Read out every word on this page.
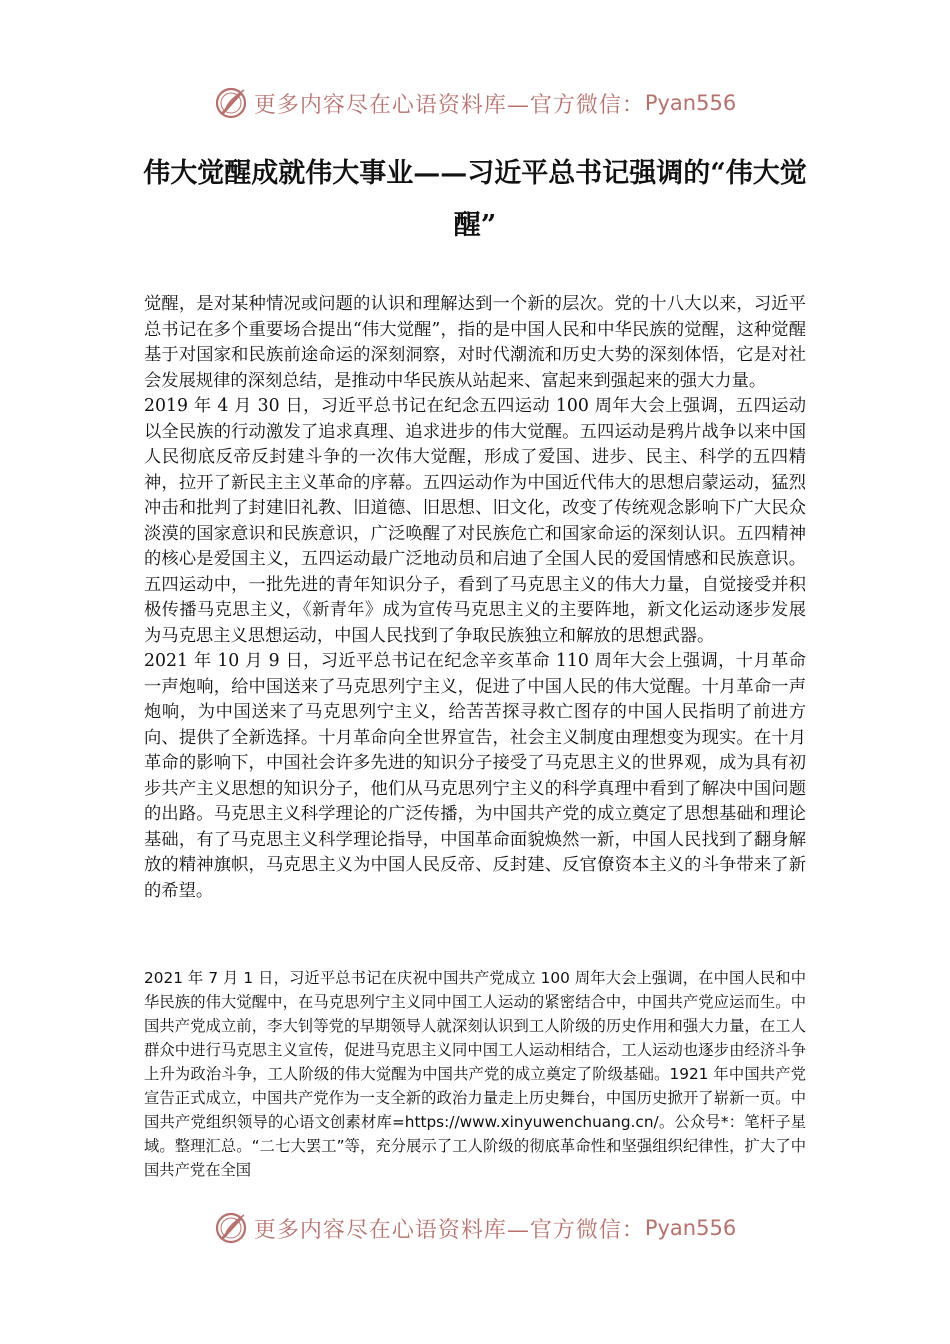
更多内容尽在心语资料库—官方微信： Pyan556
伟大觉醒成就伟大事业——习近平总书记强调的“伟大觉醒”

觉醒，是对某种情况或问题的认识和理解达到一个新的层次。党的十八大以来，习近平总书记在多个重要场合提出“伟大觉醒”，指的是中国人民和中华民族的觉醒，这种觉醒基于对国家和民族前途命运的深刻洞察，对时代潮流和历史大势的深刻体悟，它是对社会发展规律的深刻总结，是推动中华民族从站起来、富起来到强起来的强大力量。

2019 年 4 月 30 日，习近平总书记在纪念五四运动 100 周年大会上强调，五四运动以全民族的行动激发了追求真理、追求进步的伟大觉醒。五四运动是鸦片战争以来中国人民彻底反帝反封建斗争的一次伟大觉醒，形成了爱国、进步、民主、科学的五四精神，拉开了新民主主义革命的序幕。五四运动作为中国近代伟大的思想启蒙运动，猛烈冲击和批判了封建旧礼教、旧道德、旧思想、旧文化，改变了传统观念影响下广大民众淡漠的国家意识和民族意识，广泛唤醒了对民族危亡和国家命运的深刻认识。五四精神的核心是爱国主义，五四运动最广泛地动员和启迪了全国人民的爱国情感和民族意识。五四运动中，一批先进的青年知识分子，看到了马克思主义的伟大力量，自觉接受并积极传播马克思主义，《新青年》成为宣传马克思主义的主要阵地，新文化运动逐步发展为马克思主义思想运动，中国人民找到了争取民族独立和解放的思想武器。

2021 年 10 月 9 日，习近平总书记在纪念辛亥革命 110 周年大会上强调，十月革命一声炮响，给中国送来了马克思列宁主义，促进了中国人民的伟大觉醒。十月革命一声炮响，为中国送来了马克思列宁主义，给苦苦探寻救亡图存的中国人民指明了前进方向、提供了全新选择。十月革命向全世界宣告，社会主义制度由理想变为现实。在十月革命的影响下，中国社会许多先进的知识分子接受了马克思主义的世界观，成为具有初步共产主义思想的知识分子，他们从马克思列宁主义的科学真理中看到了解决中国问题的出路。马克思主义科学理论的广泛传播，为中国共产党的成立奠定了思想基础和理论基础，有了马克思主义科学理论指导，中国革命面貌焕然一新，中国人民找到了翻身解放的精神旗帜，马克思主义为中国人民反帝、反封建、反官僚资本主义的斗争带来了新的希望。

2021 年 7 月 1 日，习近平总书记在庆祝中国共产党成立 100 周年大会上强调，在中国人民和中华民族的伟大觉醒中，在马克思列宁主义同中国工人运动的紧密结合中，中国共产党应运而生。中国共产党成立前，李大钊等党的早期领导人就深刻认识到工人阶级的历史作用和强大力量，在工人群众中进行马克思主义宣传，促进马克思主义同中国工人运动相结合，工人运动也逐步由经济斗争上升为政治斗争，工人阶级的伟大觉醒为中国共产党的成立奠定了阶级基础。1921 年中国共产党宣告正式成立，中国共产党作为一支全新的政治力量走上历史舞台，中国历史掀开了崭新一页。中国共产党组织领导的心语文创素材库=https://www.xinyuwenchuang.cn/。公众号*：笔杆子星域。整理汇总。“二七大罢工”等，充分展示了工人阶级的彻底革命性和坚强组织纪律性，扩大了中国共产党在全国

更多内容尽在心语资料库—官方微信： Pyan556
